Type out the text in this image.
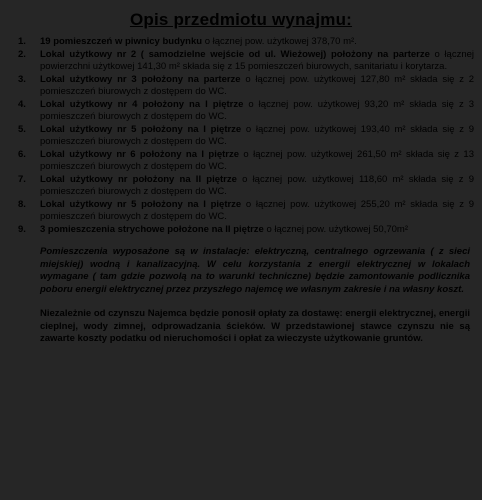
Opis przedmiotu wynajmu:
1.	19 pomieszczeń w piwnicy budynku o łącznej pow. użytkowej 378,70 m².
2.	Lokal użytkowy nr 2 ( samodzielne wejście od ul. Wieżowej) położony na parterze o łącznej powierzchni użytkowej 141,30 m² składa się z 15 pomieszczeń biurowych, sanitariatu i korytarza.
3.	Lokal użytkowy nr 3 położony na parterze o łącznej pow. użytkowej 127,80 m² składa się z 2 pomieszczeń biurowych z dostępem do WC.
4.	Lokal użytkowy nr 4 położony na I piętrze o łącznej pow. użytkowej 93,20 m² składa się z 3 pomieszczeń biurowych z dostępem do WC.
5.	Lokal użytkowy nr 5 położony na I piętrze o łącznej pow. użytkowej 193,40 m² składa się z 9 pomieszczeń biurowych z dostępem do WC.
6.	Lokal użytkowy nr 6 położony na I piętrze o łącznej pow. użytkowej 261,50 m² składa się z 13 pomieszczeń biurowych z dostępem do WC.
7.	Lokal użytkowy nr położony na II piętrze o łącznej pow. użytkowej 118,60 m² składa się z 9 pomieszczeń biurowych z dostępem do WC.
8.	Lokal użytkowy nr 5 położony na I piętrze o łącznej pow. użytkowej 255,20 m² składa się z 9 pomieszczeń biurowych z dostępem do WC.
9.	3 pomieszczenia strychowe położone na II piętrze o łącznej pow. użytkowej 50,70m²

Pomieszczenia wyposażone są w instalacje: elektryczną, centralnego ogrzewania ( z sieci miejskiej) wodną i kanalizacyjną. W celu korzystania z energii elektrycznej w lokalach wymagane ( tam gdzie pozwolą na to warunki techniczne) będzie zamontowanie podlicznika poboru energii elektrycznej przez przyszłego najemcę we własnym zakresie i na własny koszt.

Niezależnie od czynszu Najemca będzie ponosił opłaty za dostawę: energii elektrycznej, energii cieplnej, wody zimnej, odprowadzania ścieków. W przedstawionej stawce czynszu nie są zawarte koszty podatku od nieruchomości i opłat za wieczyste użytkowanie gruntów.
